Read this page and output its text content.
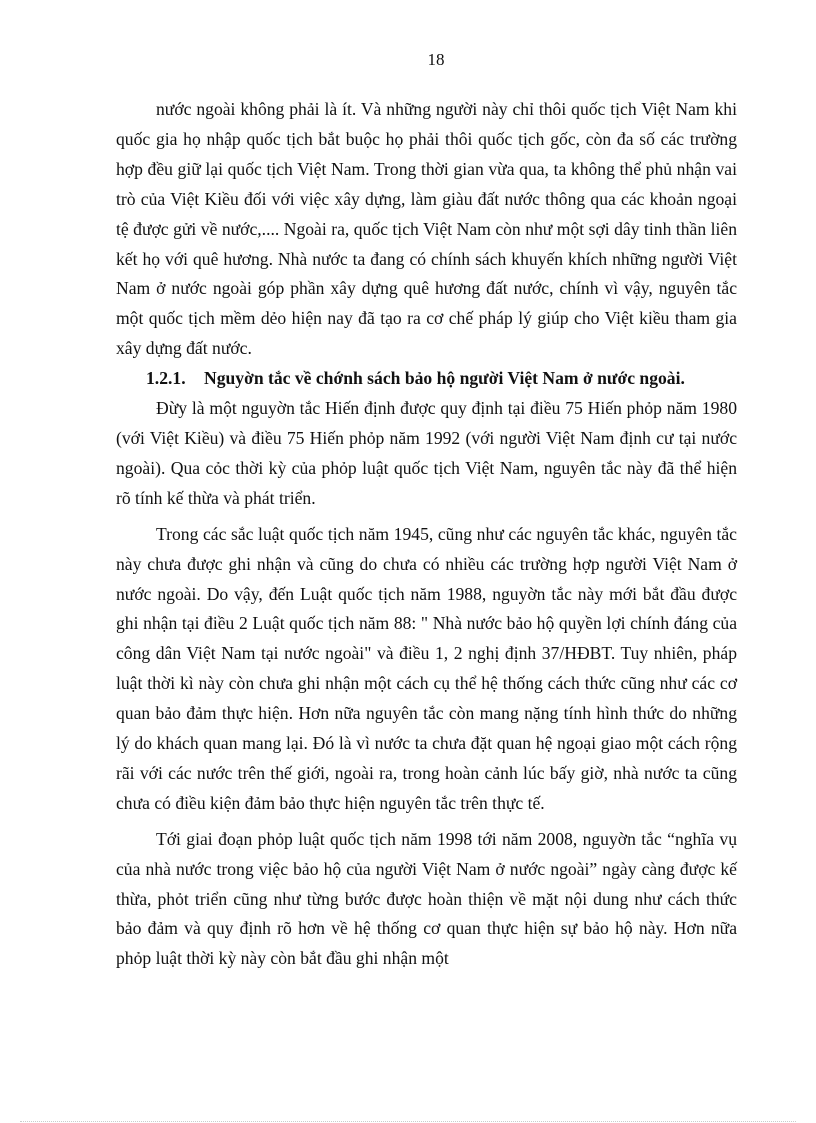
18

nước ngoài không phải là ít. Và những người này chỉ thôi quốc tịch Việt Nam khi quốc gia họ nhập quốc tịch bắt buộc họ phải thôi quốc tịch gốc, còn đa số các trường hợp đều giữ lại quốc tịch Việt Nam. Trong thời gian vừa qua, ta không thể phủ nhận vai trò của Việt Kiều đối với việc xây dựng, làm giàu đất nước thông qua các khoản ngoại tệ được gửi về nước,.... Ngoài ra, quốc tịch Việt Nam còn như một sợi dây tinh thần liên kết họ với quê hương. Nhà nước ta đang có chính sách khuyến khích những người Việt Nam ở nước ngoài góp phần xây dựng quê hương đất nước, chính vì vậy, nguyên tắc một quốc tịch mềm dẻo hiện nay đã tạo ra cơ chế pháp lý giúp cho Việt kiều tham gia xây dựng đất nước.

1.2.1. Nguyờn tắc về chớnh sách bảo hộ người Việt Nam ở nước ngoài.

Đừy là một nguyờn tắc Hiến định được quy định tại điều 75 Hiến phỏp năm 1980 (với Việt Kiều) và điều 75 Hiến phỏp năm 1992 (với người Việt Nam định cư tại nước ngoài). Qua cỏc thời kỳ của phỏp luật quốc tịch Việt Nam, nguyên tắc này đã thể hiện rõ tính kế thừa và phát triển.

Trong các sắc luật quốc tịch năm 1945, cũng như các nguyên tắc khác, nguyên tắc này chưa được ghi nhận và cũng do chưa có nhiều các trường hợp người Việt Nam ở nước ngoài. Do vậy, đến Luật quốc tịch năm 1988, nguyờn tắc này mới bắt đầu được ghi nhận tại điều 2 Luật quốc tịch năm 88: " Nhà nước bảo hộ quyền lợi chính đáng của công dân Việt Nam tại nước ngoài" và điều 1, 2 nghị định 37/HĐBT. Tuy nhiên, pháp luật thời kì này còn chưa ghi nhận một cách cụ thể hệ thống cách thức cũng như các cơ quan bảo đảm thực hiện. Hơn nữa nguyên tắc còn mang nặng tính hình thức do những lý do khách quan mang lại. Đó là vì nước ta chưa đặt quan hệ ngoại giao một cách rộng rãi với các nước trên thế giới, ngoài ra, trong hoàn cảnh lúc bấy giờ, nhà nước ta cũng chưa có điều kiện đảm bảo thực hiện nguyên tắc trên thực tế.

Tới giai đoạn phỏp luật quốc tịch năm 1998 tới năm 2008, nguyờn tắc “nghĩa vụ của nhà nước trong việc bảo hộ của người Việt Nam ở nước ngoài” ngày càng được kế thừa, phỏt triển cũng như từng bước được hoàn thiện về mặt nội dung như cách thức bảo đảm và quy định rõ hơn về hệ thống cơ quan thực hiện sự bảo hộ này. Hơn nữa phỏp luật thời kỳ này còn bắt đầu ghi nhận một
